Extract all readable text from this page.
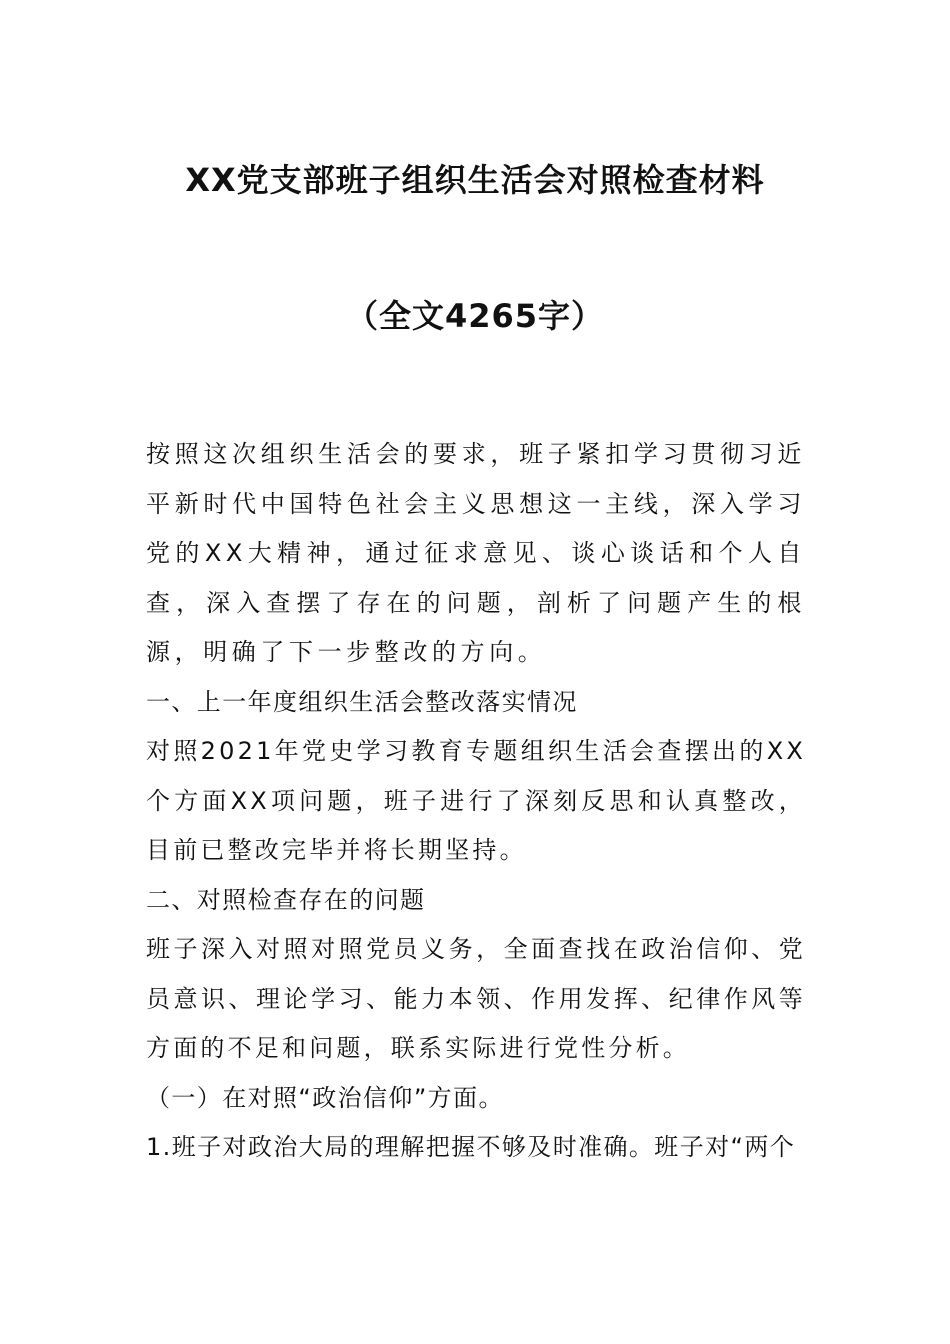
XX党支部班子组织生活会对照检查材料
（全文4265字）

按照这次组织生活会的要求，班子紧扣学习贯彻习近平新时代中国特色社会主义思想这一主线，深入学习党的XX大精神，通过征求意见、谈心谈话和个人自查，深入查摆了存在的问题，剖析了问题产生的根源，明确了下一步整改的方向。

一、上一年度组织生活会整改落实情况

对照2021年党史学习教育专题组织生活会查摆出的XX个方面XX项问题，班子进行了深刻反思和认真整改，目前已整改完毕并将长期坚持。

二、对照检查存在的问题

班子深入对照对照党员义务，全面查找在政治信仰、党员意识、理论学习、能力本领、作用发挥、纪律作风等方面的不足和问题，联系实际进行党性分析。

（一）在对照“政治信仰”方面。

1.班子对政治大局的理解把握不够及时准确。班子对“两个
